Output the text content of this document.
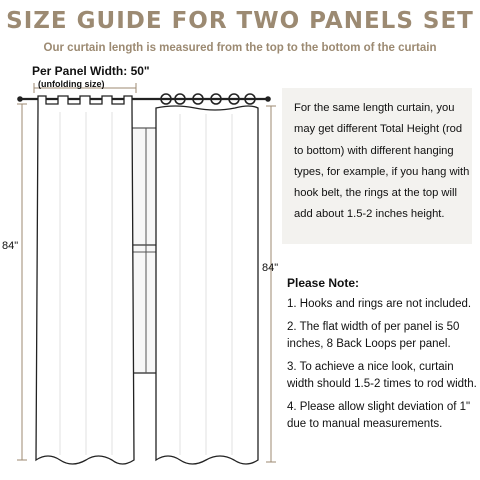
SIZE GUIDE FOR TWO PANELS SET
Our curtain length is measured from the top to the bottom of the curtain
Per Panel Width: 50"
(unfolding size)
84"
84"
For the same length curtain, you may get different Total Height (rod to bottom) with different hanging types, for example, if you hang with hook belt, the rings at the top will add about 1.5-2 inches height.
Please Note:
1. Hooks and rings are not included.
2. The flat width of per panel is 50 inches, 8 Back Loops per panel.
3. To achieve a nice look, curtain width should 1.5-2 times to rod width.
4. Please allow slight deviation of 1" due to manual measurements.
